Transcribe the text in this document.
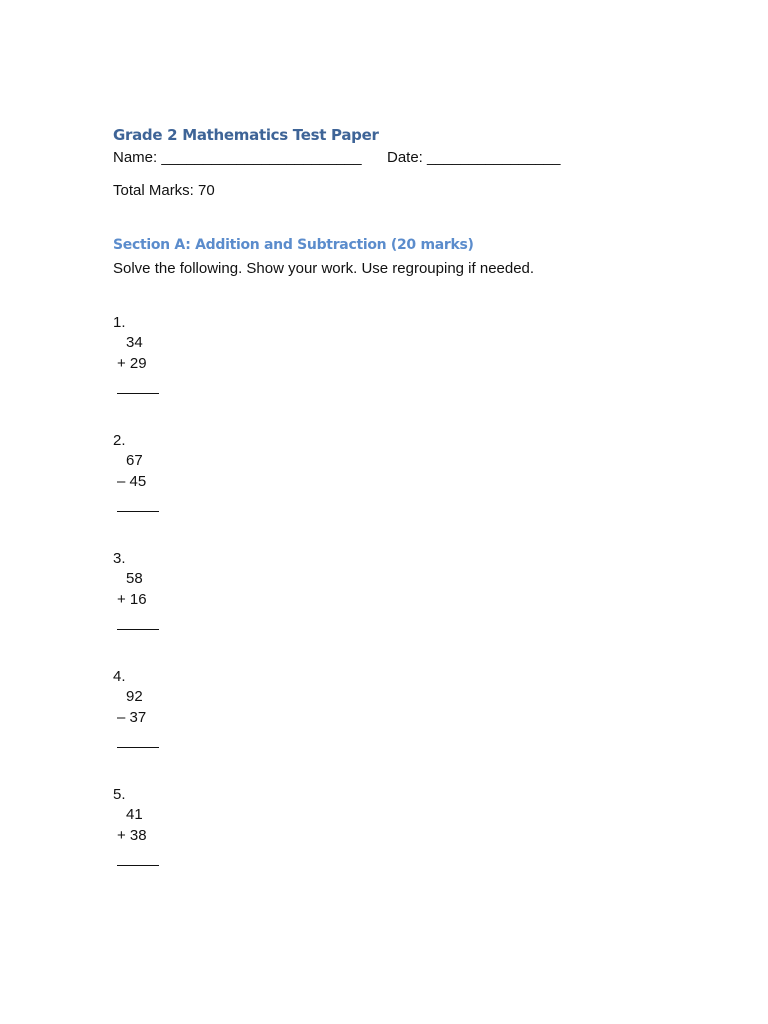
Grade 2 Mathematics Test Paper
Name: ________________________ Date: ________________
Total Marks: 70
Section A: Addition and Subtraction (20 marks)
Solve the following. Show your work. Use regrouping if needed.
1.
34
+ 29
2.
67
– 45
3.
58
+ 16
4.
92
– 37
5.
41
+ 38
